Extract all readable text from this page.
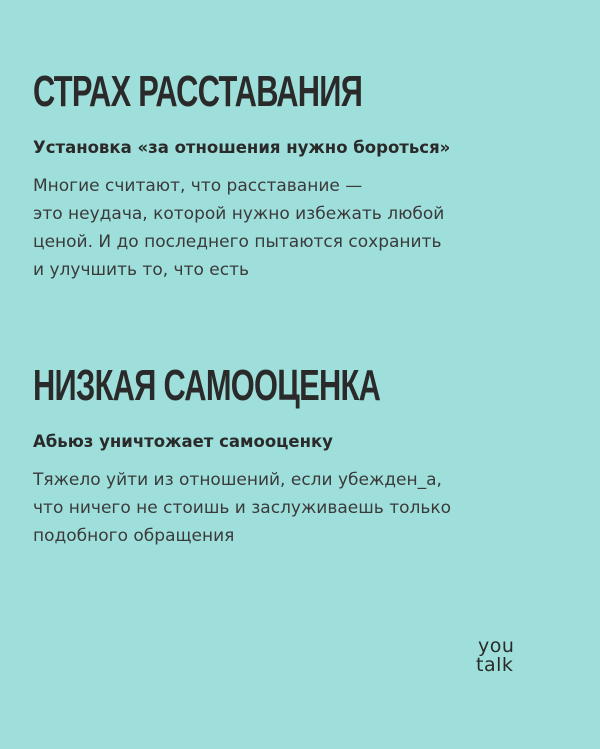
СТРАХ РАССТАВАНИЯ

Установка «за отношения нужно бороться»

Многие считают, что расставание —
это неудача, которой нужно избежать любой
ценой. И до последнего пытаются сохранить
и улучшить то, что есть

НИЗКАЯ САМООЦЕНКА

Абьюз уничтожает самооценку

Тяжело уйти из отношений, если убежден_а,
что ничего не стоишь и заслуживаешь только
подобного обращения

you
talk
